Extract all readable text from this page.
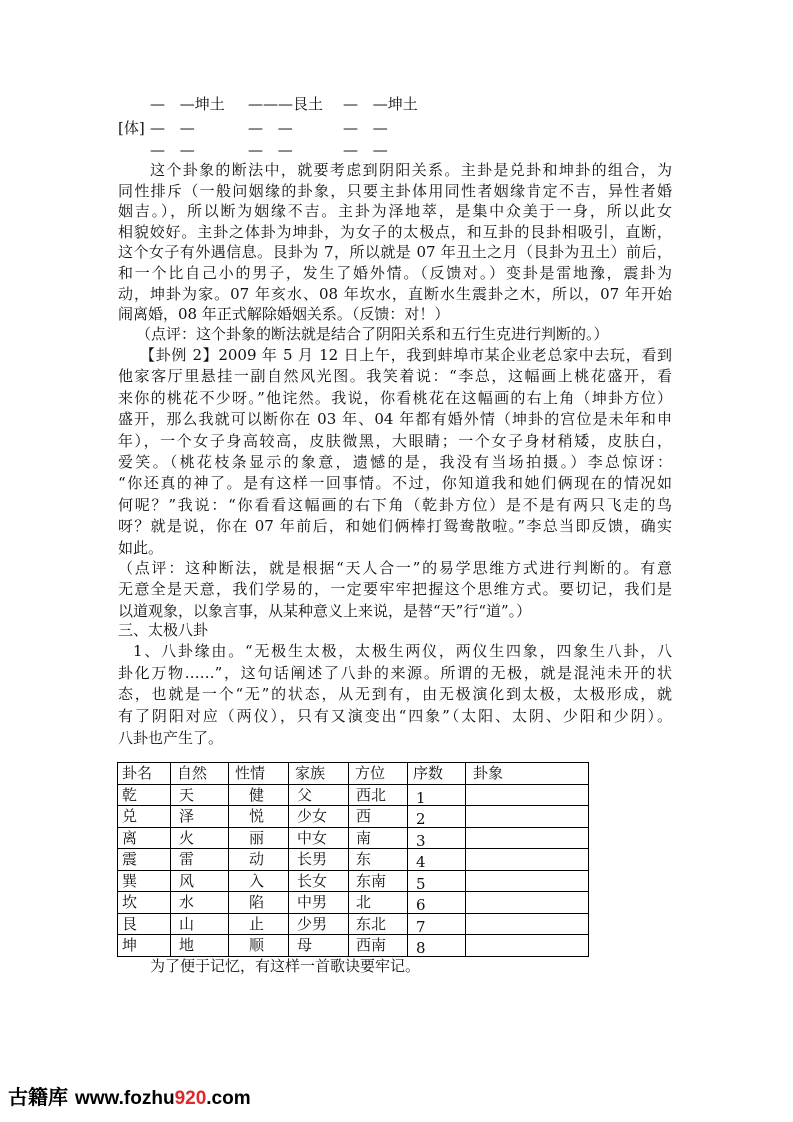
— —坤土 ———艮土 — —坤土
[体] — —	— —	— —
— —	— —	— —
这个卦象的断法中，就要考虑到阴阳关系。主卦是兑卦和坤卦的组合，为
同性排斥（一般问姻缘的卦象，只要主卦体用同性者姻缘肯定不吉，异性者婚
姻吉。），所以断为姻缘不吉。主卦为泽地萃，是集中众美于一身，所以此女
相貌姣好。主卦之体卦为坤卦，为女子的太极点，和互卦的艮卦相吸引，直断，
这个女子有外遇信息。艮卦为 7，所以就是 07 年丑土之月（艮卦为丑土）前后，
和一个比自己小的男子，发生了婚外情。（反馈对。）变卦是雷地豫，震卦为
动，坤卦为家。07 年亥水、08 年坎水，直断水生震卦之木，所以，07 年开始
闹离婚，08 年正式解除婚姻关系。（反馈：对！）
（点评：这个卦象的断法就是结合了阴阳关系和五行生克进行判断的。）
【卦例 2】2009 年 5 月 12 日上午，我到蚌埠市某企业老总家中去玩，看到
他家客厅里悬挂一副自然风光图。我笑着说：“李总，这幅画上桃花盛开，看
来你的桃花不少呀。”他诧然。我说，你看桃花在这幅画的右上角（坤卦方位）
盛开，那么我就可以断你在 03 年、04 年都有婚外情（坤卦的宫位是未年和申
年），一个女子身高较高，皮肤微黑，大眼睛；一个女子身材稍矮，皮肤白，
爱笑。（桃花枝条显示的象意，遗憾的是，我没有当场拍摄。）李总惊讶：
“你还真的神了。是有这样一回事情。不过，你知道我和她们俩现在的情况如
何呢？”我说：“你看看这幅画的右下角（乾卦方位）是不是有两只飞走的鸟
呀？就是说，你在 07 年前后，和她们俩棒打鸳鸯散啦。”李总当即反馈，确实
如此。
（点评：这种断法，就是根据“天人合一”的易学思维方式进行判断的。有意
无意全是天意，我们学易的，一定要牢牢把握这个思维方式。要切记，我们是
以道观象，以象言事，从某种意义上来说，是替“天”行“道”。）
三、太极八卦
1、八卦缘由。“无极生太极，太极生两仪，两仪生四象，四象生八卦，八
卦化万物……”，这句话阐述了八卦的来源。所谓的无极，就是混沌未开的状
态，也就是一个“无”的状态，从无到有，由无极演化到太极，太极形成，就
有了阴阳对应（两仪），只有又演变出“四象”（太阳、太阴、少阳和少阴）。
八卦也产生了。
卦名	自然	性情	家族	方位	序数	卦象
乾	天	健	父	西北	1	
兑	泽	悦	少女	西	2	
离	火	丽	中女	南	3	
震	雷	动	长男	东	4	
巽	风	入	长女	东南	5	
坎	水	陷	中男	北	6	
艮	山	止	少男	东北	7	
坤	地	顺	母	西南	8	
为了便于记忆，有这样一首歌诀要牢记。
古籍库 www.fozhu920.com
